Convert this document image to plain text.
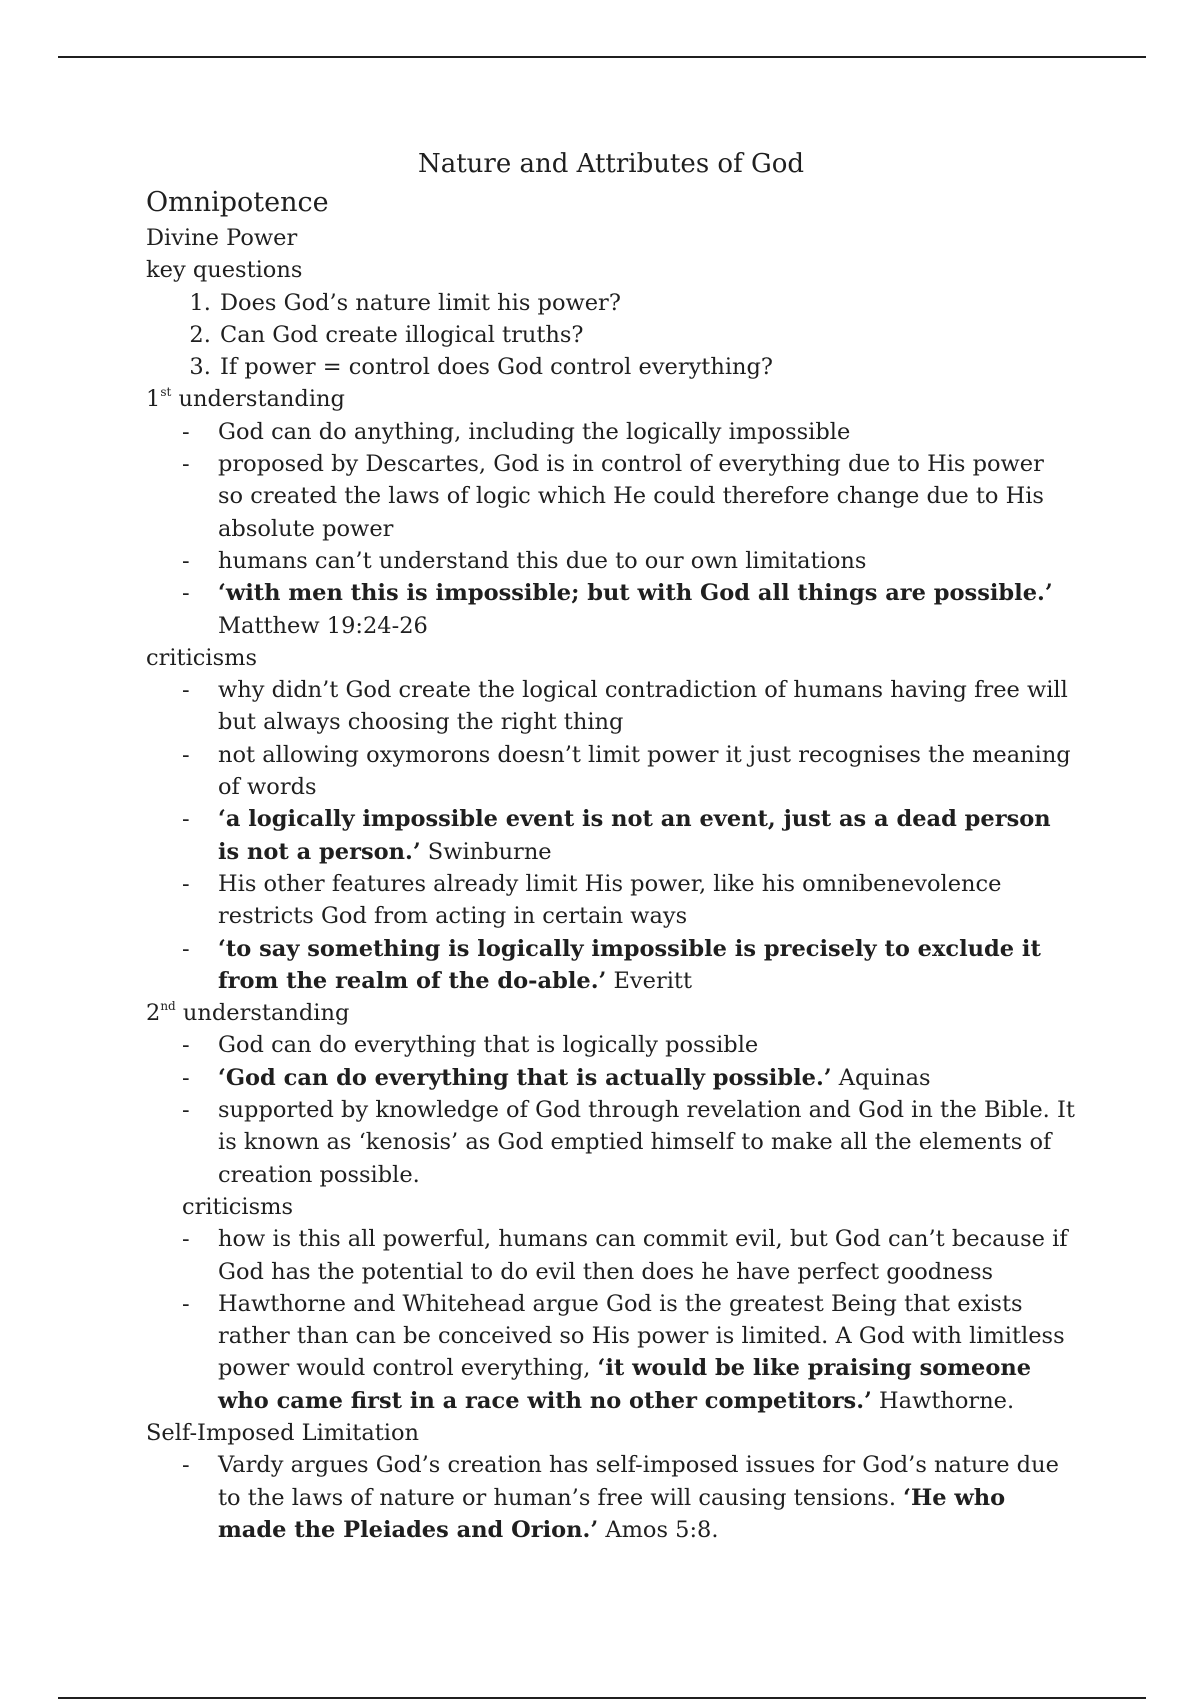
Nature and Attributes of God
Omnipotence

Divine Power

key questions

1. Does God’s nature limit his power?
2. Can God create illogical truths?
3. If power = control does God control everything?

1st understanding

- God can do anything, including the logically impossible
- proposed by Descartes, God is in control of everything due to His power so created the laws of logic which He could therefore change due to His absolute power
- humans can’t understand this due to our own limitations
- ‘with men this is impossible; but with God all things are possible.’
Matthew 19:24-26

criticisms

- why didn’t God create the logical contradiction of humans having free will but always choosing the right thing
- not allowing oxymorons doesn’t limit power it just recognises the meaning of words
- ‘a logically impossible event is not an event, just as a dead person is not a person.’ Swinburne
- His other features already limit His power, like his omnibenevolence restricts God from acting in certain ways
- ‘to say something is logically impossible is precisely to exclude it from the realm of the do-able.’ Everitt

2nd understanding

- God can do everything that is logically possible
- ‘God can do everything that is actually possible.’ Aquinas
- supported by knowledge of God through revelation and God in the Bible. It is known as ‘kenosis’ as God emptied himself to make all the elements of creation possible.

criticisms

- how is this all powerful, humans can commit evil, but God can’t because if God has the potential to do evil then does he have perfect goodness
- Hawthorne and Whitehead argue God is the greatest Being that exists rather than can be conceived so His power is limited. A God with limitless power would control everything, ‘it would be like praising someone who came first in a race with no other competitors.’ Hawthorne.

Self-Imposed Limitation

- Vardy argues God’s creation has self-imposed issues for God’s nature due to the laws of nature or human’s free will causing tensions. ‘He who made the Pleiades and Orion.’ Amos 5:8.
